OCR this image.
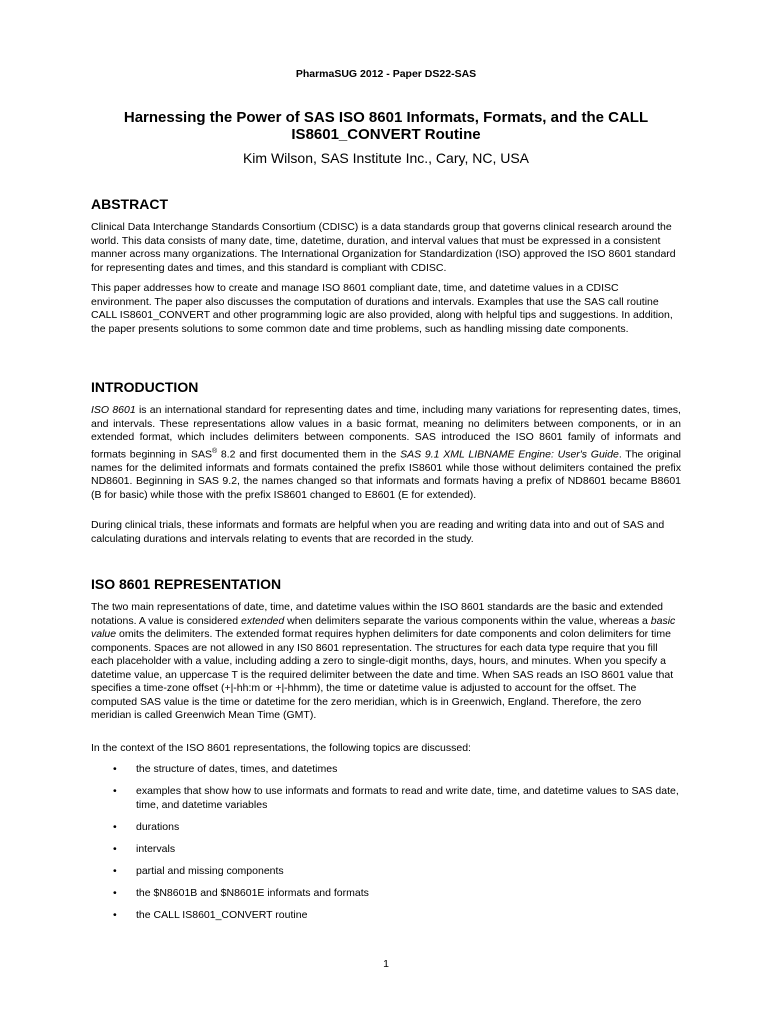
PharmaSUG 2012 - Paper DS22-SAS
Harnessing the Power of SAS ISO 8601 Informats, Formats, and the CALL
IS8601_CONVERT Routine
Kim Wilson, SAS Institute Inc., Cary, NC, USA
ABSTRACT

Clinical Data Interchange Standards Consortium (CDISC) is a data standards group that governs clinical research around the world. This data consists of many date, time, datetime, duration, and interval values that must be expressed in a consistent manner across many organizations. The International Organization for Standardization (ISO) approved the ISO 8601 standard for representing dates and times, and this standard is compliant with CDISC.

This paper addresses how to create and manage ISO 8601 compliant date, time, and datetime values in a CDISC environment. The paper also discusses the computation of durations and intervals. Examples that use the SAS call routine CALL IS8601_CONVERT and other programming logic are also provided, along with helpful tips and suggestions. In addition, the paper presents solutions to some common date and time problems, such as handling missing date components.

INTRODUCTION

ISO 8601 is an international standard for representing dates and time, including many variations for representing dates, times, and intervals. These representations allow values in a basic format, meaning no delimiters between components, or in an extended format, which includes delimiters between components. SAS introduced the ISO 8601 family of informats and formats beginning in SAS® 8.2 and first documented them in the SAS 9.1 XML LIBNAME Engine: User's Guide. The original names for the delimited informats and formats contained the prefix IS8601 while those without delimiters contained the prefix ND8601. Beginning in SAS 9.2, the names changed so that informats and formats having a prefix of ND8601 became B8601 (B for basic) while those with the prefix IS8601 changed to E8601 (E for extended).

During clinical trials, these informats and formats are helpful when you are reading and writing data into and out of SAS and calculating durations and intervals relating to events that are recorded in the study.

ISO 8601 REPRESENTATION

The two main representations of date, time, and datetime values within the ISO 8601 standards are the basic and extended notations. A value is considered extended when delimiters separate the various components within the value, whereas a basic value omits the delimiters. The extended format requires hyphen delimiters for date components and colon delimiters for time components. Spaces are not allowed in any IS0 8601 representation. The structures for each data type require that you fill each placeholder with a value, including adding a zero to single-digit months, days, hours, and minutes. When you specify a datetime value, an uppercase T is the required delimiter between the date and time. When SAS reads an ISO 8601 value that specifies a time-zone offset (+|-hh:m or +|-hhmm), the time or datetime value is adjusted to account for the offset. The computed SAS value is the time or datetime for the zero meridian, which is in Greenwich, England. Therefore, the zero meridian is called Greenwich Mean Time (GMT).

In the context of the ISO 8601 representations, the following topics are discussed:

• the structure of dates, times, and datetimes
• examples that show how to use informats and formats to read and write date, time, and datetime values to SAS date, time, and datetime variables
• durations
• intervals
• partial and missing components
• the $N8601B and $N8601E informats and formats
• the CALL IS8601_CONVERT routine
1
